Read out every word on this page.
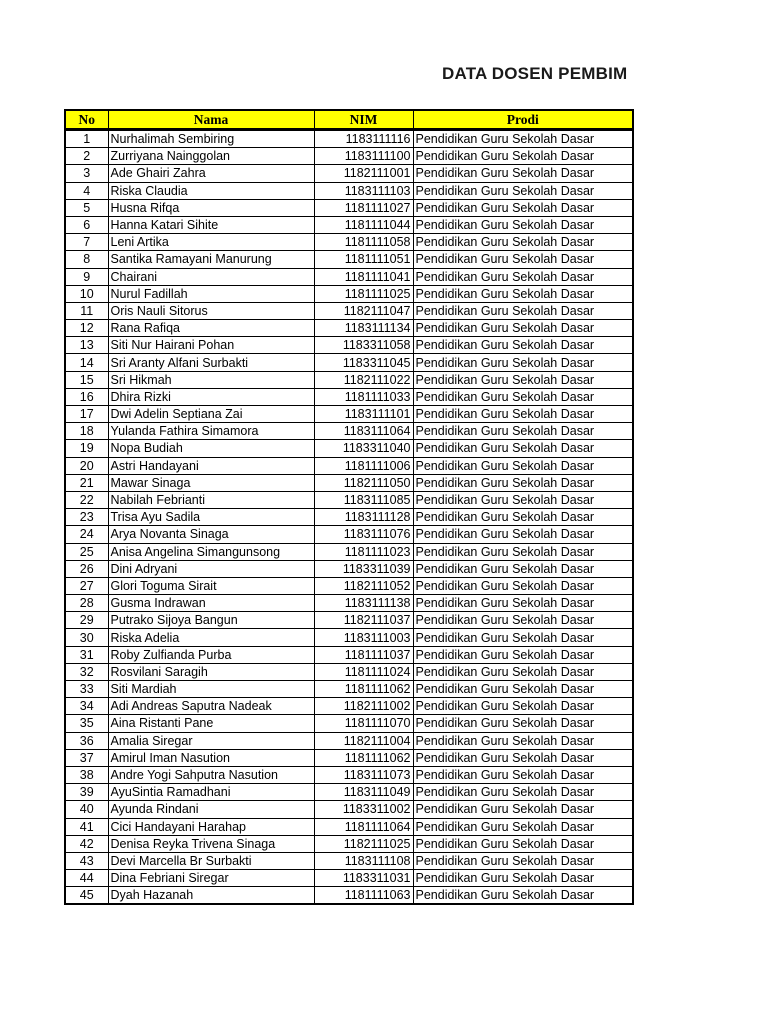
DATA DOSEN PEMBIM
No	Nama	NIM	Prodi
1	Nurhalimah Sembiring	1183111116	Pendidikan Guru Sekolah Dasar
2	Zurriyana Nainggolan	1183111100	Pendidikan Guru Sekolah Dasar
3	Ade Ghairi Zahra	1182111001	Pendidikan Guru Sekolah Dasar
4	Riska Claudia	1183111103	Pendidikan Guru Sekolah Dasar
5	Husna Rifqa	1181111027	Pendidikan Guru Sekolah Dasar
6	Hanna Katari Sihite	1181111044	Pendidikan Guru Sekolah Dasar
7	Leni Artika	1181111058	Pendidikan Guru Sekolah Dasar
8	Santika Ramayani Manurung	1181111051	Pendidikan Guru Sekolah Dasar
9	Chairani	1181111041	Pendidikan Guru Sekolah Dasar
10	Nurul Fadillah	1181111025	Pendidikan Guru Sekolah Dasar
11	Oris Nauli Sitorus	1182111047	Pendidikan Guru Sekolah Dasar
12	Rana Rafiqa	1183111134	Pendidikan Guru Sekolah Dasar
13	Siti Nur Hairani Pohan	1183311058	Pendidikan Guru Sekolah Dasar
14	Sri Aranty Alfani Surbakti	1183311045	Pendidikan Guru Sekolah Dasar
15	Sri Hikmah	1182111022	Pendidikan Guru Sekolah Dasar
16	Dhira Rizki	1181111033	Pendidikan Guru Sekolah Dasar
17	Dwi Adelin Septiana Zai	1183111101	Pendidikan Guru Sekolah Dasar
18	Yulanda Fathira Simamora	1183111064	Pendidikan Guru Sekolah Dasar
19	Nopa Budiah	1183311040	Pendidikan Guru Sekolah Dasar
20	Astri Handayani	1181111006	Pendidikan Guru Sekolah Dasar
21	Mawar Sinaga	1182111050	Pendidikan Guru Sekolah Dasar
22	Nabilah Febrianti	1183111085	Pendidikan Guru Sekolah Dasar
23	Trisa Ayu Sadila	1183111128	Pendidikan Guru Sekolah Dasar
24	Arya Novanta Sinaga	1183111076	Pendidikan Guru Sekolah Dasar
25	Anisa Angelina Simangunsong	1181111023	Pendidikan Guru Sekolah Dasar
26	Dini Adryani	1183311039	Pendidikan Guru Sekolah Dasar
27	Glori Toguma Sirait	1182111052	Pendidikan Guru Sekolah Dasar
28	Gusma Indrawan	1183111138	Pendidikan Guru Sekolah Dasar
29	Putrako Sijoya Bangun	1182111037	Pendidikan Guru Sekolah Dasar
30	Riska Adelia	1183111003	Pendidikan Guru Sekolah Dasar
31	Roby Zulfianda Purba	1181111037	Pendidikan Guru Sekolah Dasar
32	Rosvilani Saragih	1181111024	Pendidikan Guru Sekolah Dasar
33	Siti Mardiah	1181111062	Pendidikan Guru Sekolah Dasar
34	Adi Andreas Saputra Nadeak	1182111002	Pendidikan Guru Sekolah Dasar
35	Aina Ristanti Pane	1181111070	Pendidikan Guru Sekolah Dasar
36	Amalia Siregar	1182111004	Pendidikan Guru Sekolah Dasar
37	Amirul Iman Nasution	1181111062	Pendidikan Guru Sekolah Dasar
38	Andre Yogi Sahputra Nasution	1183111073	Pendidikan Guru Sekolah Dasar
39	AyuSintia Ramadhani	1183111049	Pendidikan Guru Sekolah Dasar
40	Ayunda Rindani	1183311002	Pendidikan Guru Sekolah Dasar
41	Cici Handayani Harahap	1181111064	Pendidikan Guru Sekolah Dasar
42	Denisa Reyka Trivena Sinaga	1182111025	Pendidikan Guru Sekolah Dasar
43	Devi Marcella Br Surbakti	1183111108	Pendidikan Guru Sekolah Dasar
44	Dina Febriani Siregar	1183311031	Pendidikan Guru Sekolah Dasar
45	Dyah Hazanah	1181111063	Pendidikan Guru Sekolah Dasar
